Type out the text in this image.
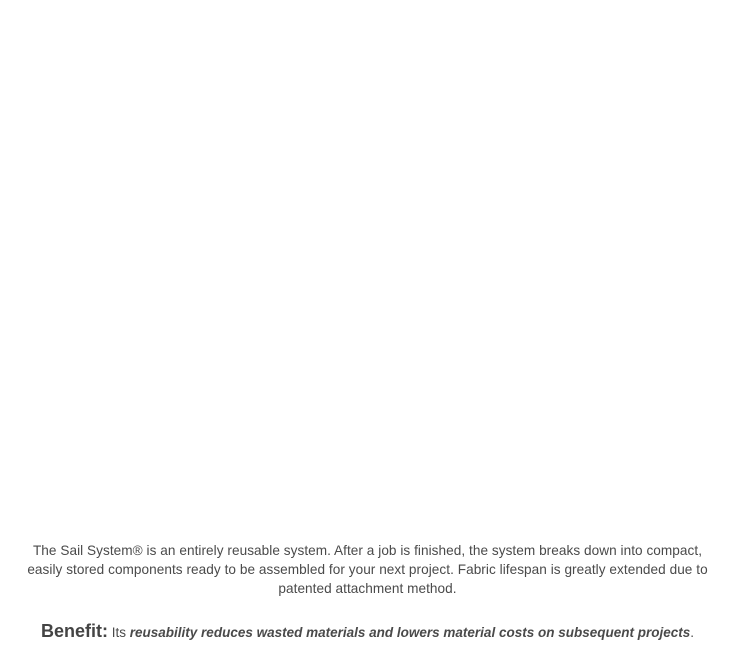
The Sail System® is an entirely reusable system. After a job is finished, the system breaks down into compact, easily stored components ready to be assembled for your next project. Fabric lifespan is greatly extended due to patented attachment method.

Benefit: Its reusability reduces wasted materials and lowers material costs on subsequent projects.
